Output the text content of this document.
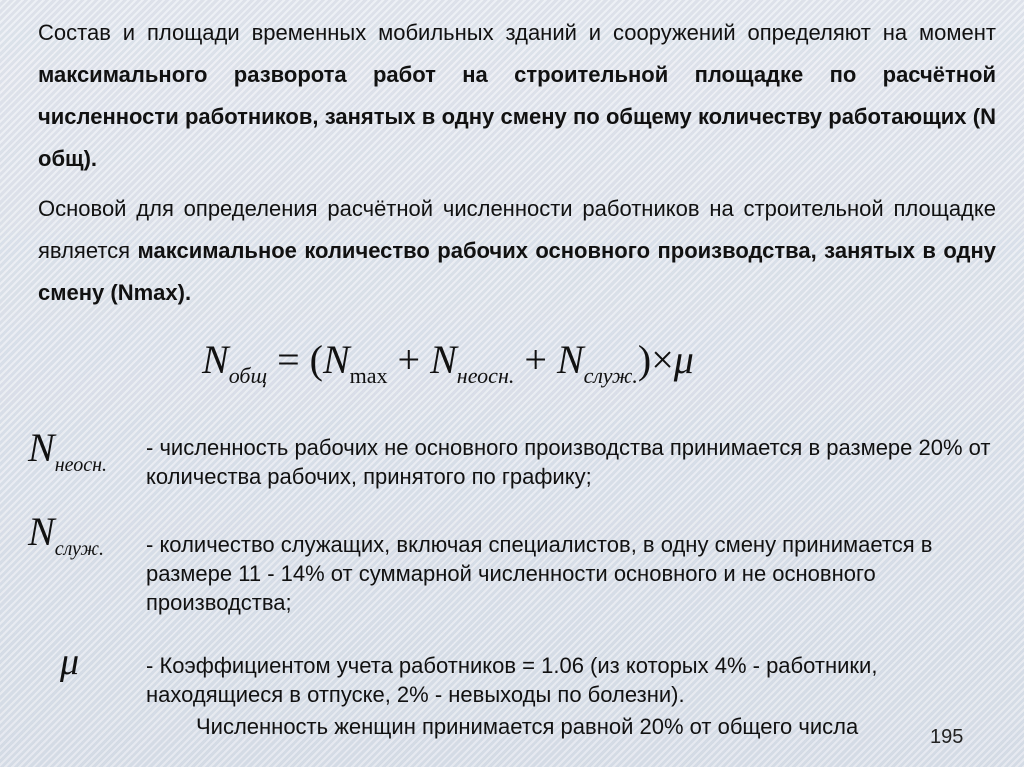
Состав и площади временных мобильных зданий и сооружений определяют на момент максимального разворота работ на строительной площадке по расчётной численности работников, занятых в одну смену по общему количеству работающих (N общ).

Основой для определения расчётной численности работников на строительной площадке является максимальное количество рабочих основного производства, занятых в одну смену (Nmax).

$N_{общ} = (N_{max} + N_{неосн.} + N_{служ.})\times\mu$
$N_{неосн.}$

- численность рабочих не основного производства принимается в размере 20% от количества рабочих, принятого по графику;

$N_{служ.}$ - количество служащих, включая специалистов, в одну смену принимается в размере 11 - 14% от суммарной численности основного и не основного производства;

μ	- Коэффициентом учета работников = 1.06 (из которых 4% - работники, находящиеся в отпуске, 2% - невыходы по болезни).

Численность женщин принимается равной 20% от общего числа	195
